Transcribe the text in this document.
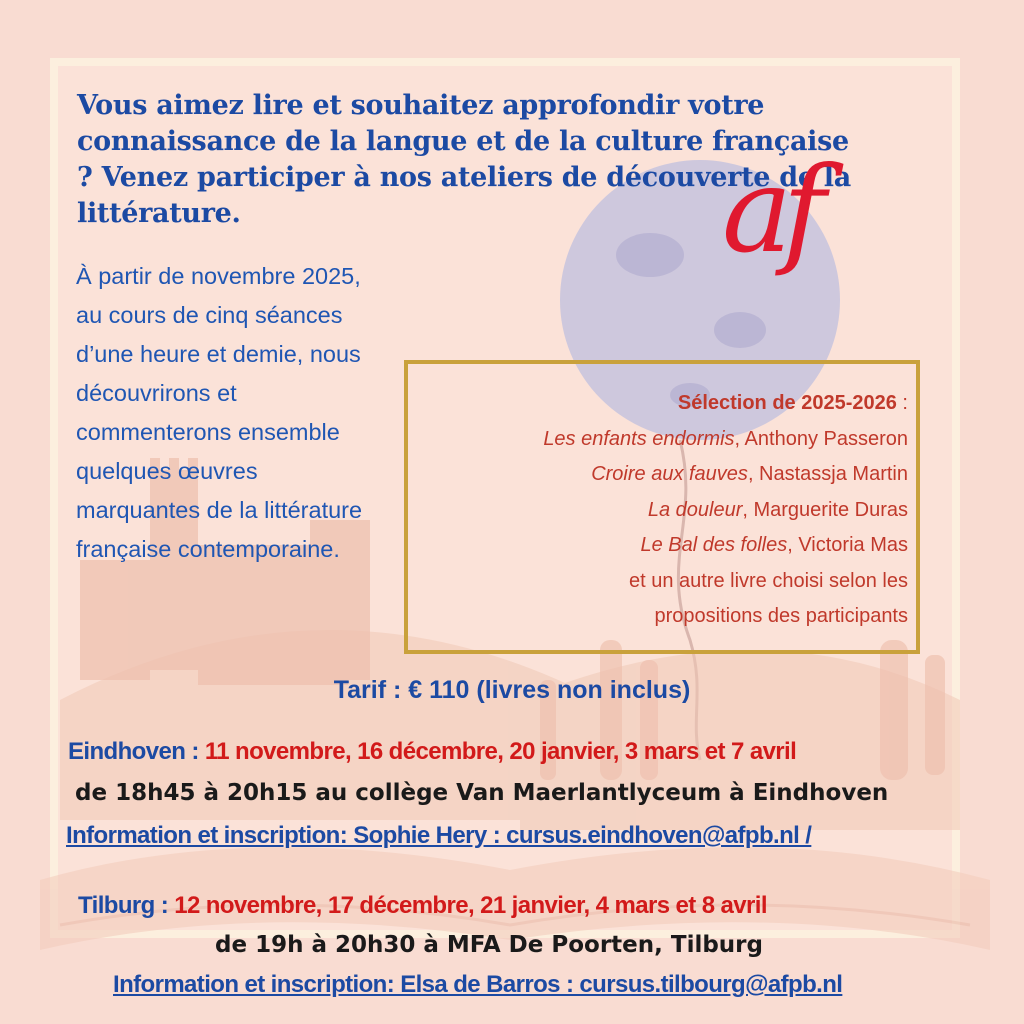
Vous aimez lire et souhaitez approfondir votre connaissance de la langue et de la culture française ? Venez participer à nos ateliers de découverte de la littérature.

À partir de novembre 2025, au cours de cinq séances d’une heure et demie, nous découvrirons et commenterons ensemble quelques œuvres marquantes de la littérature française contemporaine.

af

Sélection de 2025-2026 :

Les enfants endormis, Anthony Passeron

Croire aux fauves, Nastassja Martin

La douleur, Marguerite Duras

Le Bal des folles, Victoria Mas

et un autre livre choisi selon les

propositions des participants

Tarif : € 110 (livres non inclus)

Eindhoven : 11 novembre, 16 décembre, 20 janvier, 3 mars et 7 avril

de 18h45 à 20h15 au collège Van Maerlantlyceum à Eindhoven

Information et inscription: Sophie Hery : cursus.eindhoven@afpb.nl /

Tilburg : 12 novembre, 17 décembre, 21 janvier, 4 mars et 8 avril

de 19h à 20h30 à MFA De Poorten, Tilburg

Information et inscription: Elsa de Barros : cursus.tilbourg@afpb.nl
